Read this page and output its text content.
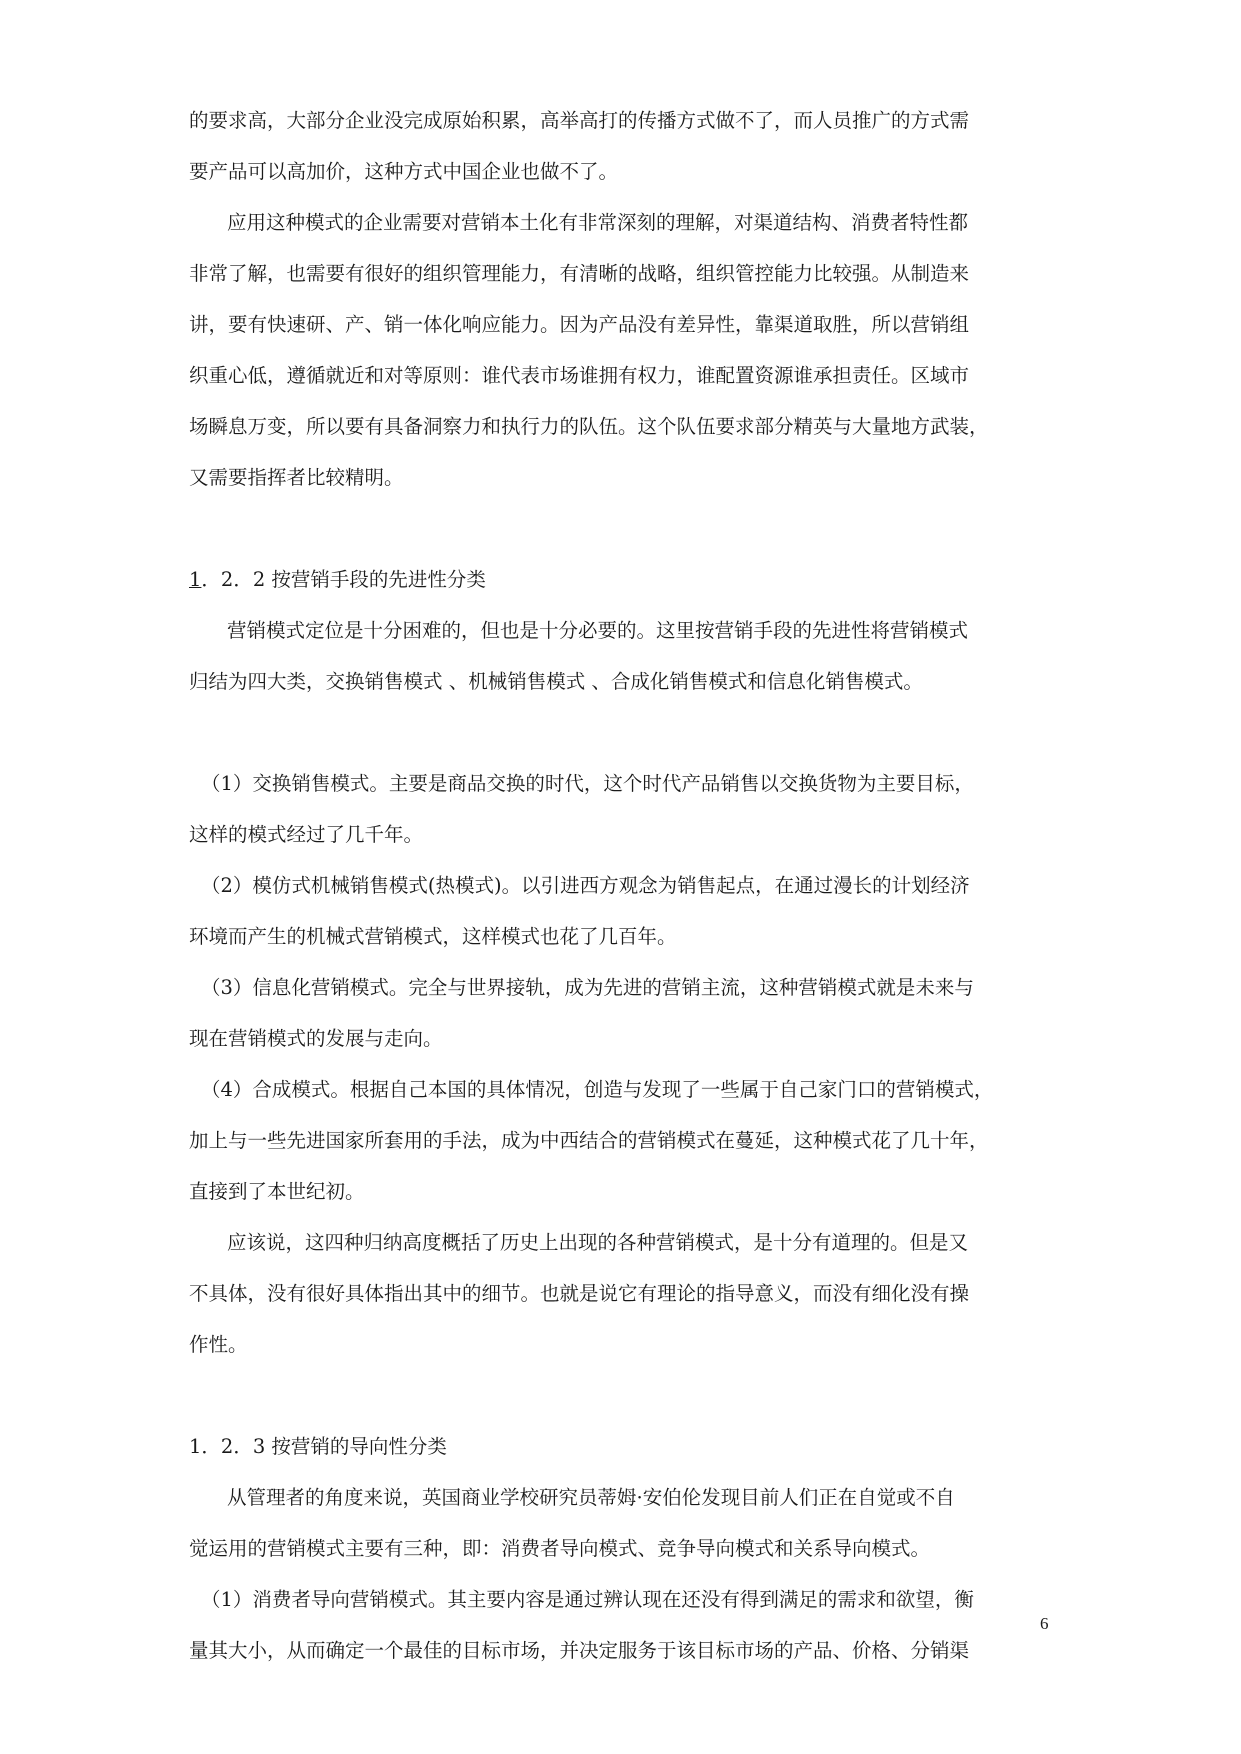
的要求高，大部分企业没完成原始积累，高举高打的传播方式做不了，而人员推广的方式需
要产品可以高加价，这种方式中国企业也做不了。
应用这种模式的企业需要对营销本土化有非常深刻的理解，对渠道结构、消费者特性都
非常了解，也需要有很好的组织管理能力，有清晰的战略，组织管控能力比较强。从制造来
讲，要有快速研、产、销一体化响应能力。因为产品没有差异性，靠渠道取胜，所以营销组
织重心低，遵循就近和对等原则：谁代表市场谁拥有权力，谁配置资源谁承担责任。区域市
场瞬息万变，所以要有具备洞察力和执行力的队伍。这个队伍要求部分精英与大量地方武装，
又需要指挥者比较精明。
1．2．2 按营销手段的先进性分类
营销模式定位是十分困难的，但也是十分必要的。这里按营销手段的先进性将营销模式
归结为四大类，交换销售模式 、机械销售模式 、合成化销售模式和信息化销售模式。
（1）交换销售模式。主要是商品交换的时代，这个时代产品销售以交换货物为主要目标，
这样的模式经过了几千年。
（2）模仿式机械销售模式(热模式)。以引进西方观念为销售起点，在通过漫长的计划经济
环境而产生的机械式营销模式，这样模式也花了几百年。
（3）信息化营销模式。完全与世界接轨，成为先进的营销主流，这种营销模式就是未来与
现在营销模式的发展与走向。
（4）合成模式。根据自己本国的具体情况，创造与发现了一些属于自己家门口的营销模式，
加上与一些先进国家所套用的手法，成为中西结合的营销模式在蔓延，这种模式花了几十年，
直接到了本世纪初。
应该说，这四种归纳高度概括了历史上出现的各种营销模式，是十分有道理的。但是又
不具体，没有很好具体指出其中的细节。也就是说它有理论的指导意义，而没有细化没有操
作性。
1．2．3 按营销的导向性分类
从管理者的角度来说，英国商业学校研究员蒂姆·安伯伦发现目前人们正在自觉或不自
觉运用的营销模式主要有三种，即：消费者导向模式、竞争导向模式和关系导向模式。
（1）消费者导向营销模式。其主要内容是通过辨认现在还没有得到满足的需求和欲望，衡
量其大小，从而确定一个最佳的目标市场，并决定服务于该目标市场的产品、价格、分销渠
6
